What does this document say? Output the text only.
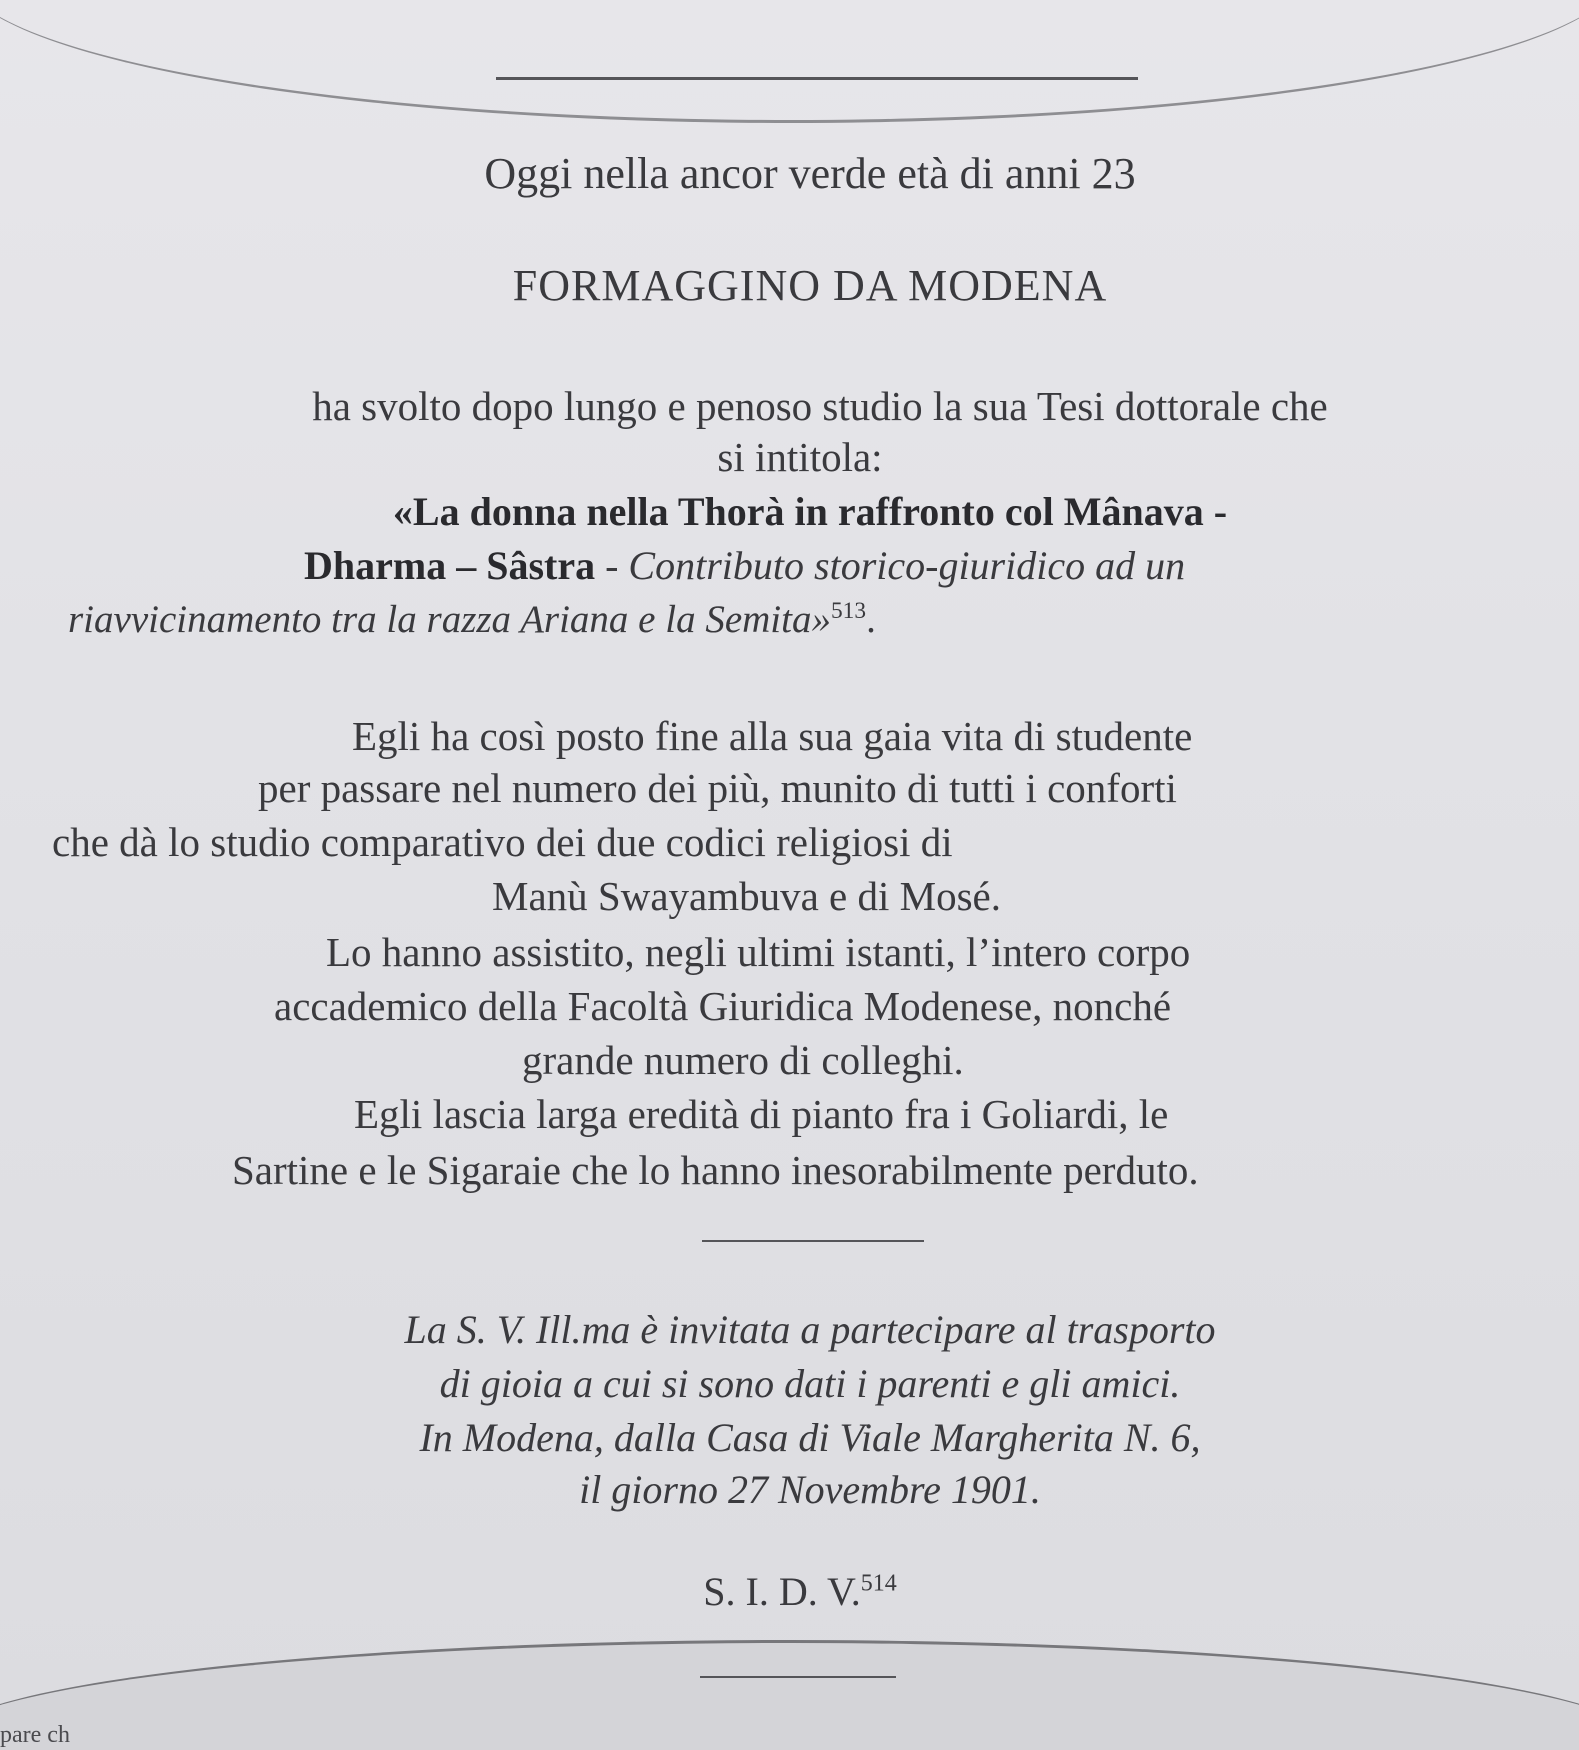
Oggi nella ancor verde età di anni 23
FORMAGGINO DA MODENA
ha svolto dopo lungo e penoso studio la sua Tesi dottorale che
si intitola:
«La donna nella Thorà in raffronto col Mânava -
Dharma – Sâstra - Contributo storico-giuridico ad un
riavvicinamento tra la razza Ariana e la Semita»$^{513}$.
Egli ha così posto fine alla sua gaia vita di studente
per passare nel numero dei più, munito di tutti i conforti
che dà lo studio comparativo dei due codici religiosi di
Manù Swayambuva e di Mosé.
Lo hanno assistito, negli ultimi istanti, l’intero corpo
accademico della Facoltà Giuridica Modenese, nonché
grande numero di colleghi.
Egli lascia larga eredità di pianto fra i Goliardi, le
Sartine e le Sigaraie che lo hanno inesorabilmente perduto.
La S. V. Ill.ma è invitata a partecipare al trasporto
di gioia a cui si sono dati i parenti e gli amici.
In Modena, dalla Casa di Viale Margherita N. 6,
il giorno 27 Novembre 1901.
S. I. D. V.$^{514}$
pare ch
